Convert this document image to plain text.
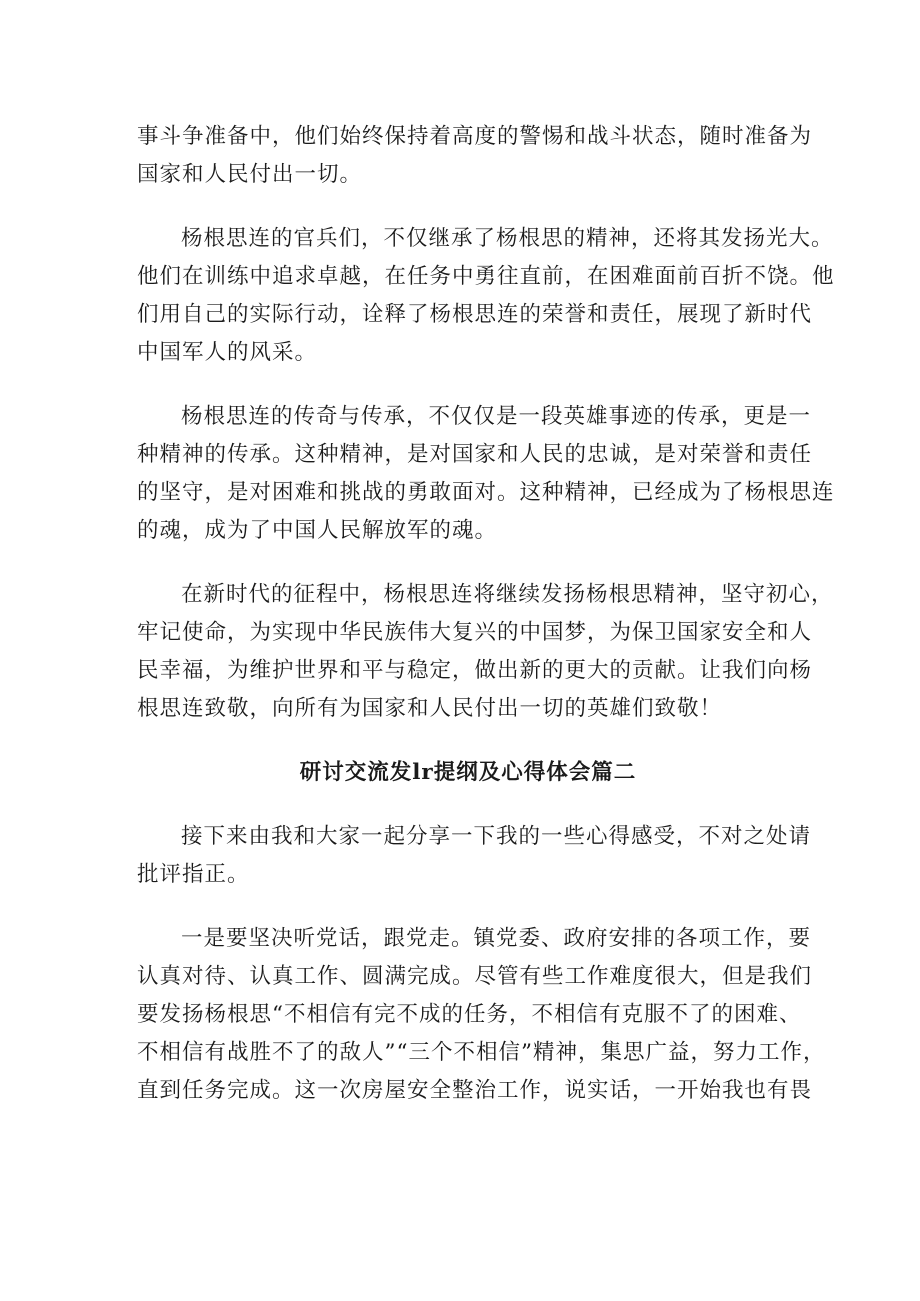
事斗争准备中，他们始终保持着高度的警惕和战斗状态，随时准备为
国家和人民付出一切。
杨根思连的官兵们，不仅继承了杨根思的精神，还将其发扬光大。
他们在训练中追求卓越，在任务中勇往直前，在困难面前百折不饶。他
们用自己的实际行动，诠释了杨根思连的荣誉和责任，展现了新时代
中国军人的风采。
杨根思连的传奇与传承，不仅仅是一段英雄事迹的传承，更是一
种精神的传承。这种精神，是对国家和人民的忠诚，是对荣誉和责任
的坚守，是对困难和挑战的勇敢面对。这种精神，已经成为了杨根思连
的魂，成为了中国人民解放军的魂。
在新时代的征程中，杨根思连将继续发扬杨根思精神，坚守初心，
牢记使命，为实现中华民族伟大复兴的中国梦，为保卫国家安全和人
民幸福，为维护世界和平与稳定，做出新的更大的贡献。让我们向杨
根思连致敬，向所有为国家和人民付出一切的英雄们致敬！
研讨交流发lr提纲及心得体会篇二
接下来由我和大家一起分享一下我的一些心得感受，不对之处请
批评指正。
一是要坚决听党话，跟党走。镇党委、政府安排的各项工作，要
认真对待、认真工作、圆满完成。尽管有些工作难度很大，但是我们
要发扬杨根思“不相信有完不成的任务，不相信有克服不了的困难、
不相信有战胜不了的敌人”“三个不相信”精神，集思广益，努力工作，
直到任务完成。这一次房屋安全整治工作，说实话，一开始我也有畏
